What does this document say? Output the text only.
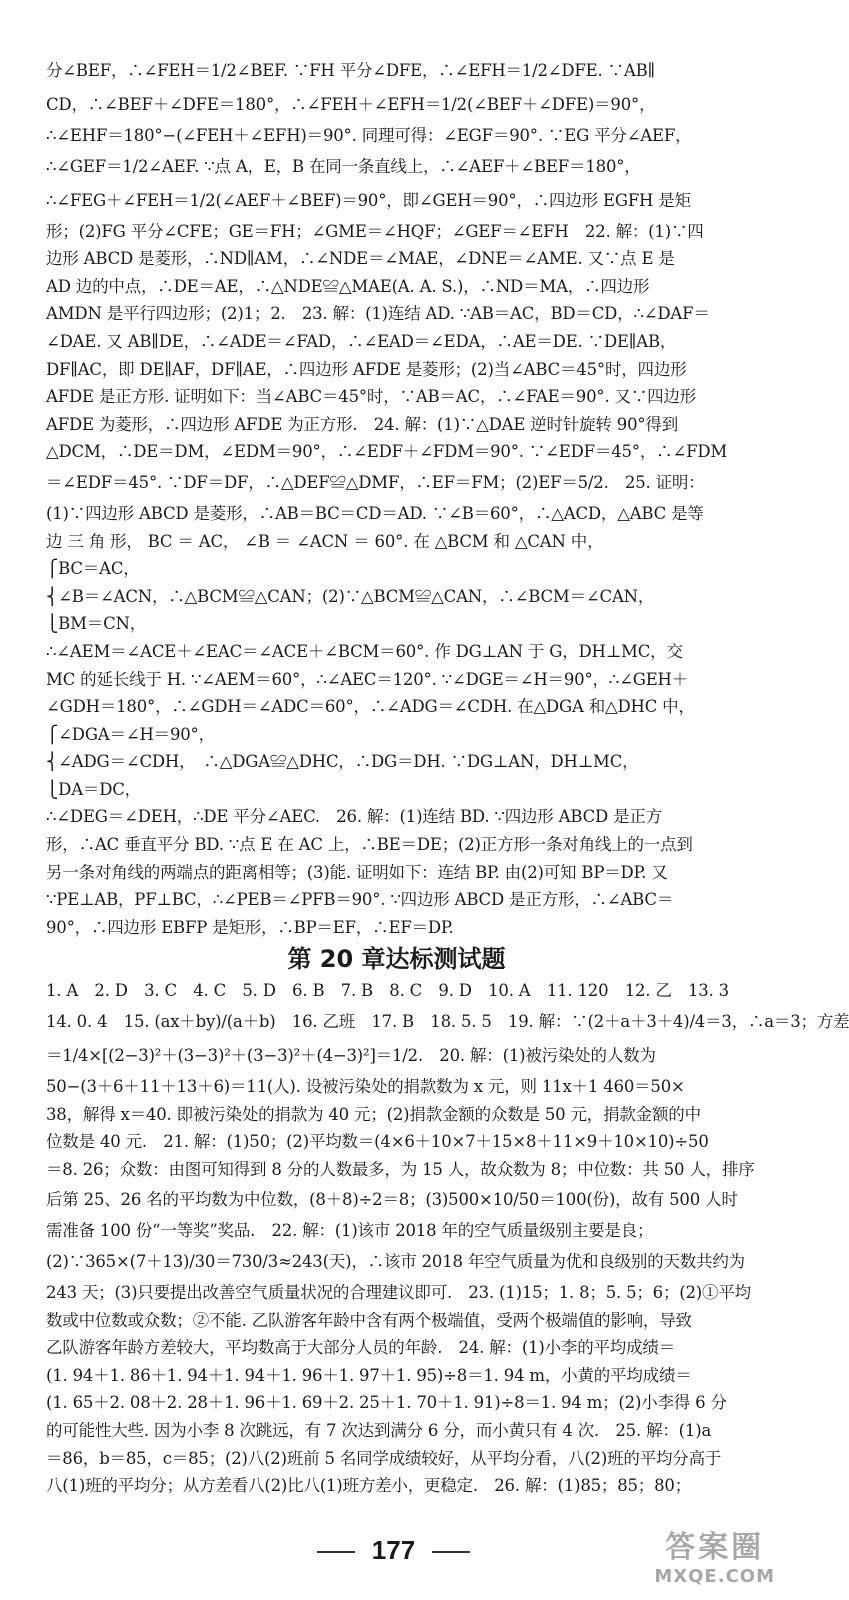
分∠BEF，∴∠FEH＝1/2∠BEF. ∵FH 平分∠DFE，∴∠EFH＝1/2∠DFE. ∵AB∥
CD，∴∠BEF＋∠DFE＝180°，∴∠FEH＋∠EFH＝1/2(∠BEF＋∠DFE)＝90°，
∴∠EHF＝180°−(∠FEH＋∠EFH)＝90°. 同理可得：∠EGF＝90°. ∵EG 平分∠AEF，
∴∠GEF＝1/2∠AEF. ∵点 A，E，B 在同一条直线上，∴∠AEF＋∠BEF＝180°，
∴∠FEG＋∠FEH＝1/2(∠AEF＋∠BEF)＝90°，即∠GEH＝90°，∴四边形 EGFH 是矩
形；(2)FG 平分∠CFE；GE＝FH；∠GME＝∠HQF；∠GEF＝∠EFH　22. 解：(1)∵四
边形 ABCD 是菱形，∴ND∥AM，∴∠NDE＝∠MAE，∠DNE＝∠AME. 又∵点 E 是
AD 边的中点，∴DE＝AE，∴△NDE≌△MAE(A. A. S.)，∴ND＝MA，∴四边形
AMDN 是平行四边形；(2)1；2.　23. 解：(1)连结 AD. ∵AB＝AC，BD＝CD，∴∠DAF＝
∠DAE. 又 AB∥DE，∴∠ADE＝∠FAD，∴∠EAD＝∠EDA，∴AE＝DE. ∵DE∥AB，
DF∥AC，即 DE∥AF，DF∥AE，∴四边形 AFDE 是菱形；(2)当∠ABC＝45°时，四边形
AFDE 是正方形. 证明如下：当∠ABC＝45°时，∵AB＝AC，∴∠FAE＝90°. 又∵四边形
AFDE 为菱形，∴四边形 AFDE 为正方形.　24. 解：(1)∵△DAE 逆时针旋转 90°得到
△DCM，∴DE＝DM，∠EDM＝90°，∴∠EDF＋∠FDM＝90°. ∵∠EDF＝45°，∴∠FDM
＝∠EDF＝45°. ∵DF＝DF，∴△DEF≌△DMF，∴EF＝FM；(2)EF＝5/2.　25. 证明：
(1)∵四边形 ABCD 是菱形，∴AB＝BC＝CD＝AD. ∵∠B＝60°，∴△ACD，△ABC 是等
边 三 角 形， BC ＝ AC， ∠B ＝ ∠ACN ＝ 60°. 在 △BCM 和 △CAN 中，
⎧BC＝AC，
⎨∠B＝∠ACN，∴△BCM≌△CAN；(2)∵△BCM≌△CAN，∴∠BCM＝∠CAN，
⎩BM＝CN，
∴∠AEM＝∠ACE＋∠EAC＝∠ACE＋∠BCM＝60°. 作 DG⊥AN 于 G，DH⊥MC，交
MC 的延长线于 H. ∵∠AEM＝60°，∴∠AEC＝120°. ∵∠DGE＝∠H＝90°，∴∠GEH＋
∠GDH＝180°，∴∠GDH＝∠ADC＝60°，∴∠ADG＝∠CDH. 在△DGA 和△DHC 中，
⎧∠DGA＝∠H＝90°，
⎨∠ADG＝∠CDH，　∴△DGA≌△DHC，∴DG＝DH. ∵DG⊥AN，DH⊥MC，
⎩DA＝DC，
∴∠DEG＝∠DEH，∴DE 平分∠AEC.　26. 解：(1)连结 BD. ∵四边形 ABCD 是正方
形，∴AC 垂直平分 BD. ∵点 E 在 AC 上，∴BE＝DE；(2)正方形一条对角线上的一点到
另一条对角线的两端点的距离相等；(3)能. 证明如下：连结 BP. 由(2)可知 BP＝DP. 又
∵PE⊥AB，PF⊥BC，∴∠PEB＝∠PFB＝90°. ∵四边形 ABCD 是正方形，∴∠ABC＝
90°，∴四边形 EBFP 是矩形，∴BP＝EF，∴EF＝DP.
第 20 章达标测试题
1. A　2. D　3. C　4. C　5. D　6. B　7. B　8. C　9. D　10. A　11. 120　12. 乙　13. 3
14. 0. 4　15. (ax＋by)/(a＋b)　16. 乙班　17. B　18. 5. 5　19. 解：∵(2＋a＋3＋4)/4＝3，∴a＝3；方差
＝1/4×[(2−3)²＋(3−3)²＋(3−3)²＋(4−3)²]＝1/2.　20. 解：(1)被污染处的人数为
50−(3＋6＋11＋13＋6)＝11(人). 设被污染处的捐款数为 x 元，则 11x＋1 460＝50×
38，解得 x＝40. 即被污染处的捐款为 40 元；(2)捐款金额的众数是 50 元，捐款金额的中
位数是 40 元.　21. 解：(1)50；(2)平均数＝(4×6＋10×7＋15×8＋11×9＋10×10)÷50
＝8. 26；众数：由图可知得到 8 分的人数最多，为 15 人，故众数为 8；中位数：共 50 人，排序
后第 25、26 名的平均数为中位数，(8＋8)÷2＝8；(3)500×10/50＝100(份)，故有 500 人时
需准备 100 份“一等奖”奖品.　22. 解：(1)该市 2018 年的空气质量级别主要是良；
(2)∵365×(7＋13)/30＝730/3≈243(天)，∴该市 2018 年空气质量为优和良级别的天数共约为
243 天；(3)只要提出改善空气质量状况的合理建议即可.　23. (1)15；1. 8；5. 5；6；(2)①平均
数或中位数或众数；②不能. 乙队游客年龄中含有两个极端值，受两个极端值的影响，导致
乙队游客年龄方差较大，平均数高于大部分人员的年龄.　24. 解：(1)小李的平均成绩＝
(1. 94＋1. 86＋1. 94＋1. 94＋1. 96＋1. 97＋1. 95)÷8＝1. 94 m，小黄的平均成绩＝
(1. 65＋2. 08＋2. 28＋1. 96＋1. 69＋2. 25＋1. 70＋1. 91)÷8＝1. 94 m；(2)小李得 6 分
的可能性大些. 因为小李 8 次跳远，有 7 次达到满分 6 分，而小黄只有 4 次.　25. 解：(1)a
＝86，b＝85，c＝85；(2)八(2)班前 5 名同学成绩较好，从平均分看，八(2)班的平均分高于
八(1)班的平均分；从方差看八(2)比八(1)班方差小，更稳定.　26. 解：(1)85；85；80；
177	答案圈
MXQE.COM
